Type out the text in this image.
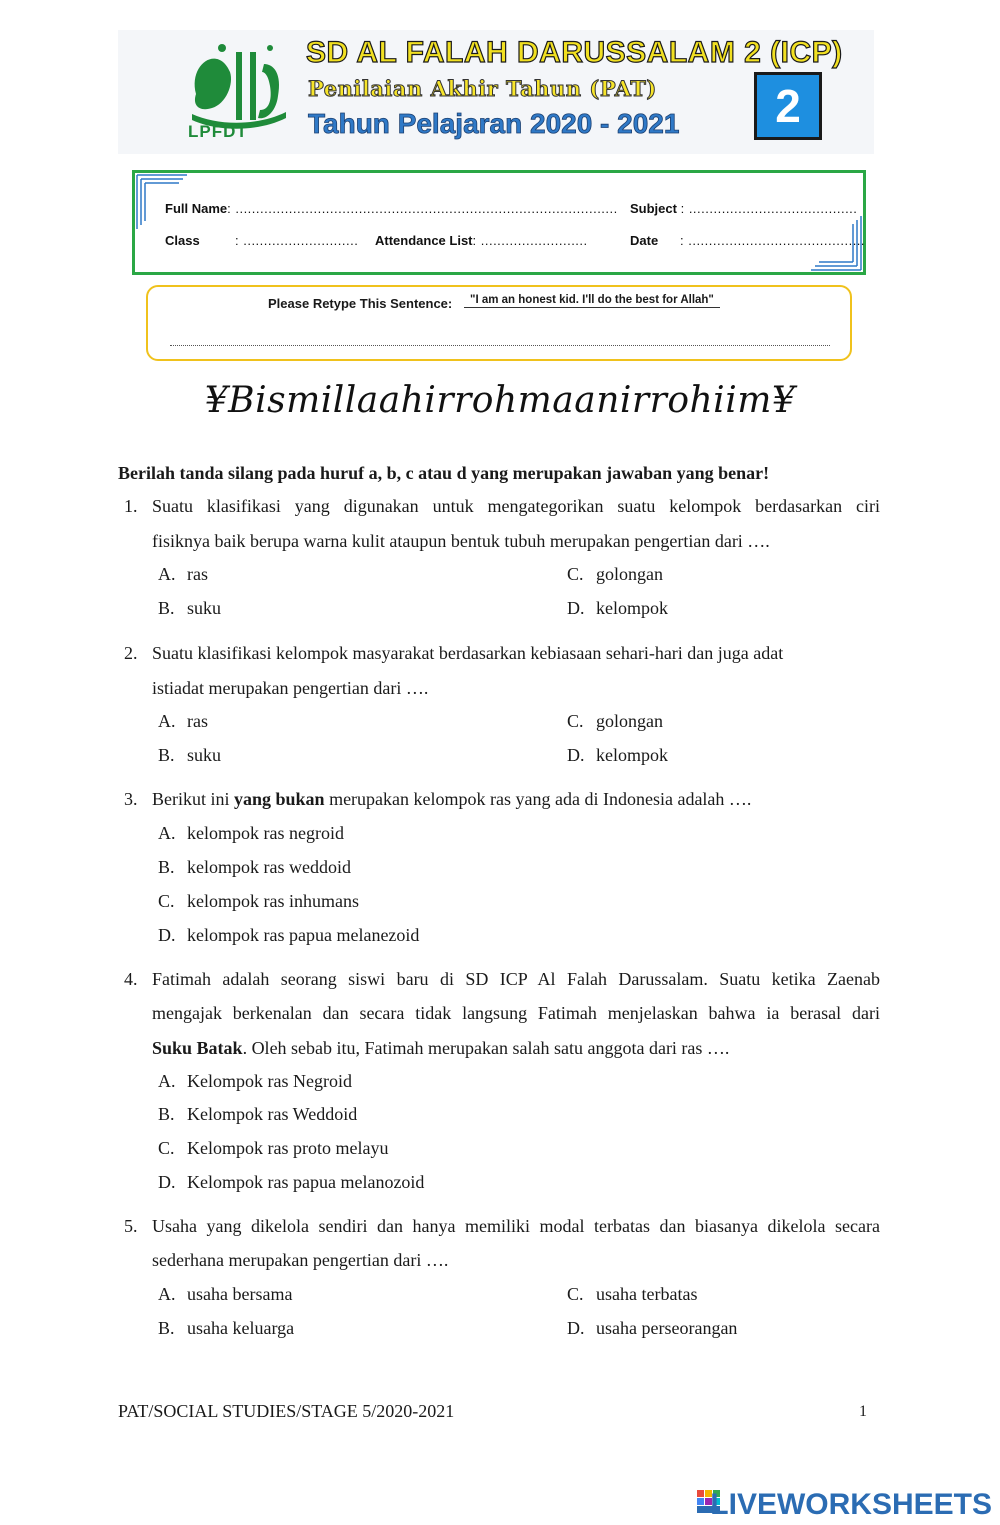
LPFDT
SD AL FALAH DARUSSALAM 2 (ICP)
Penilaian Akhir Tahun (PAT)
Tahun Pelajaran 2020 - 2021	2
Full Name: ............................................................................................. Subject : .........................................
Class	: ............................ Attendance List: ..........................	Date : ...........................................
Please Retype This Sentence:	"I am an honest kid. I'll do the best for Allah"
¥Bismillaahirrohmaanirrohiim¥
Berilah tanda silang pada huruf a, b, c atau d yang merupakan jawaban yang benar!
1. Suatu klasifikasi yang digunakan untuk mengategorikan suatu kelompok berdasarkan ciri
fisiknya baik berupa warna kulit ataupun bentuk tubuh merupakan pengertian dari ….
A. ras
B. suku
C. golongan
D. kelompok
2. Suatu klasifikasi kelompok masyarakat berdasarkan kebiasaan sehari-hari dan juga adat
istiadat merupakan pengertian dari ….
A. ras
B. suku
C. golongan
D. kelompok
3. Berikut ini yang bukan merupakan kelompok ras yang ada di Indonesia adalah ….
A. kelompok ras negroid
B. kelompok ras weddoid
C. kelompok ras inhumans
D. kelompok ras papua melanezoid
4. Fatimah adalah seorang siswi baru di SD ICP Al Falah Darussalam. Suatu ketika Zaenab
mengajak berkenalan dan secara tidak langsung Fatimah menjelaskan bahwa ia berasal dari
Suku Batak. Oleh sebab itu, Fatimah merupakan salah satu anggota dari ras ….
A. Kelompok ras Negroid
B. Kelompok ras Weddoid
C. Kelompok ras proto melayu
D. Kelompok ras papua melanozoid
5. Usaha yang dikelola sendiri dan hanya memiliki modal terbatas dan biasanya dikelola secara
sederhana merupakan pengertian dari ….
A. usaha bersama
B. usaha keluarga
C. usaha terbatas
D. usaha perseorangan
PAT/SOCIAL STUDIES/STAGE 5/2020-2021	1
LIVEWORKSHEETS
